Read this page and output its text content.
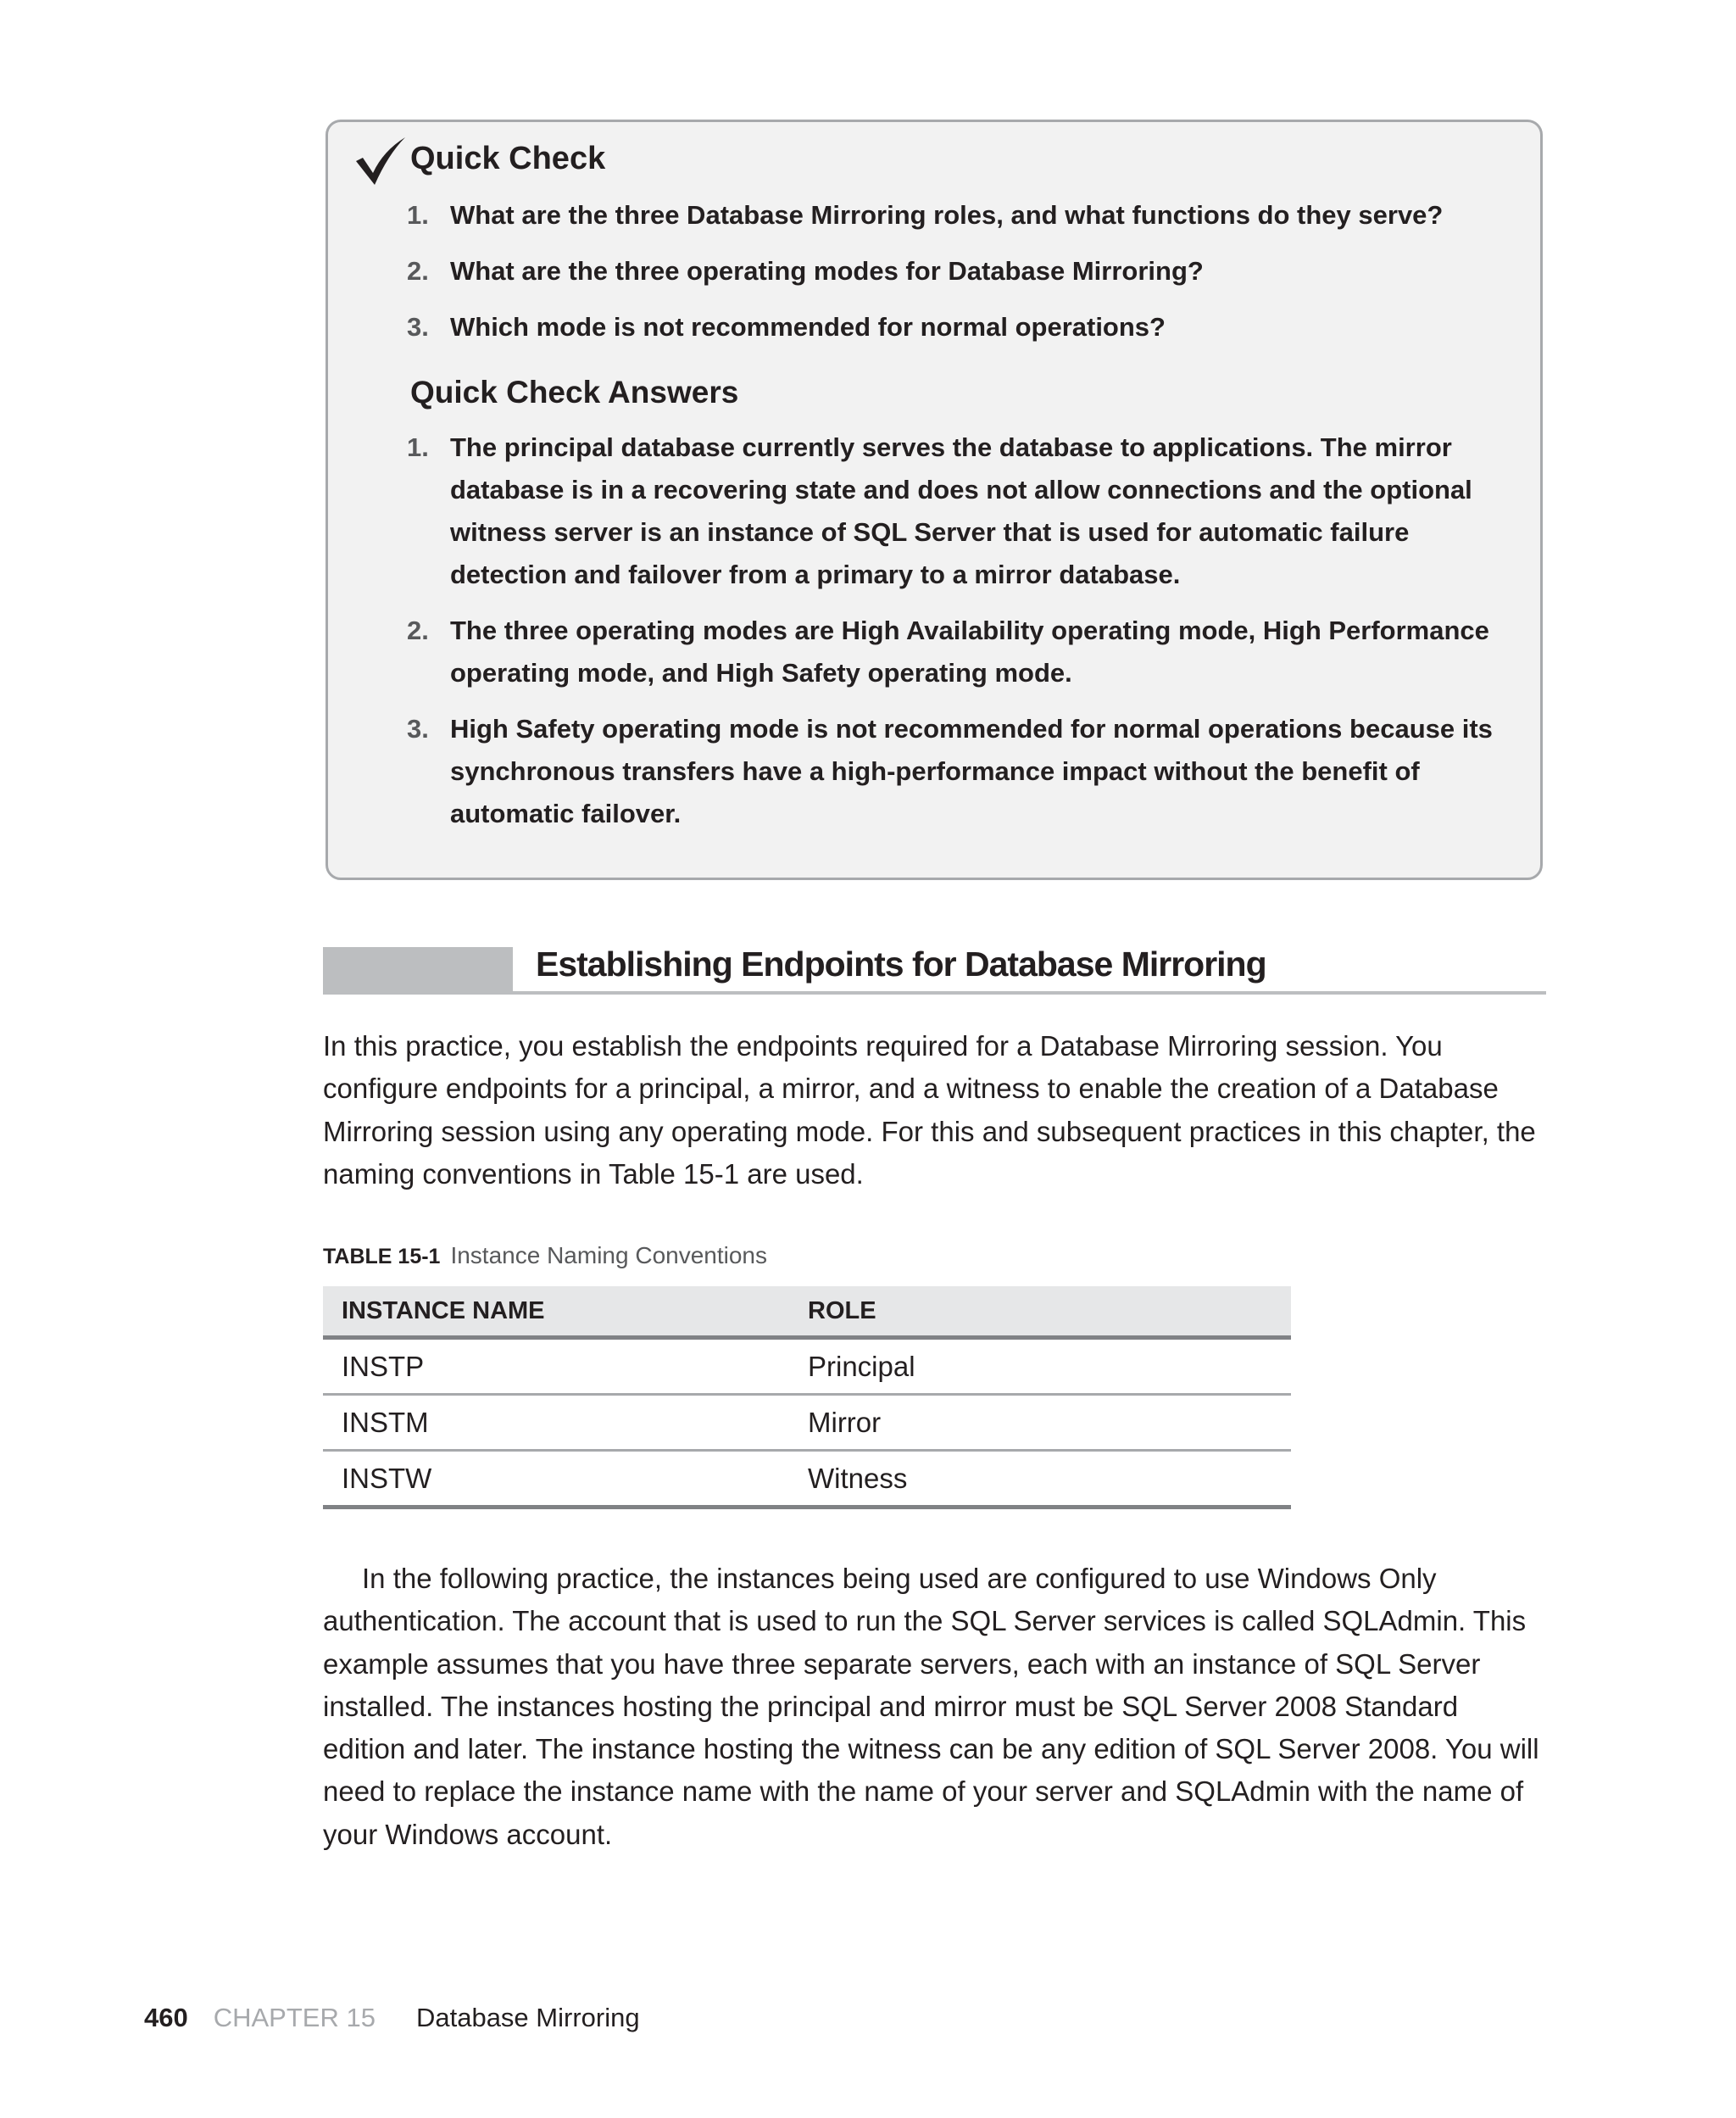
Quick Check
1. What are the three Database Mirroring roles, and what functions do they serve?
2. What are the three operating modes for Database Mirroring?
3. Which mode is not recommended for normal operations?
Quick Check Answers
1. The principal database currently serves the database to applications. The mirror database is in a recovering state and does not allow connections and the optional witness server is an instance of SQL Server that is used for automatic failure detection and failover from a primary to a mirror database.
2. The three operating modes are High Availability operating mode, High Performance operating mode, and High Safety operating mode.
3. High Safety operating mode is not recommended for normal operations because its synchronous transfers have a high-performance impact without the benefit of automatic failover.
Establishing Endpoints for Database Mirroring

In this practice, you establish the endpoints required for a Database Mirroring session. You configure endpoints for a principal, a mirror, and a witness to enable the creation of a Database Mirroring session using any operating mode. For this and subsequent practices in this chapter, the naming conventions in Table 15-1 are used.

TABLE 15-1 Instance Naming Conventions
INSTANCE NAME	ROLE
INSTP	Principal
INSTM	Mirror
INSTW	Witness

In the following practice, the instances being used are configured to use Windows Only authentication. The account that is used to run the SQL Server services is called SQLAdmin. This example assumes that you have three separate servers, each with an instance of SQL Server installed. The instances hosting the principal and mirror must be SQL Server 2008 Standard edition and later. The instance hosting the witness can be any edition of SQL Server 2008. You will need to replace the instance name with the name of your server and SQLAdmin with the name of your Windows account.

460 CHAPTER 15 Database Mirroring
